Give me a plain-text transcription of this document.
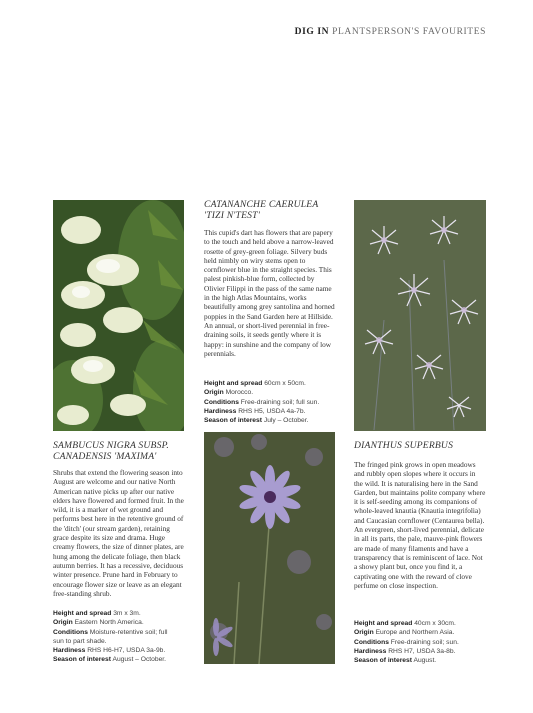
DIG IN PLANTSPERSON'S FAVOURITES
CATANANCHE CAERULEA
'TIZI N'TEST'
This cupid's dart has flowers that are papery to the touch and held above a narrow-leaved rosette of grey-green foliage. Silvery buds held nimbly on wiry stems open to cornflower blue in the straight species. This palest pinkish-blue form, collected by Olivier Filippi in the pass of the same name in the high Atlas Mountains, works beautifully among grey santolina and horned poppies in the Sand Garden here at Hillside. An annual, or short-lived perennial in free-draining soils, it seeds gently where it is happy: in sunshine and the company of low perennials.
Height and spread 60cm x 50cm.
Origin Morocco.
Conditions Free-draining soil; full sun.
Hardiness RHS H5, USDA 4a-7b.
Season of interest July – October.
SAMBUCUS NIGRA SUBSP.
CANADENSIS 'MAXIMA'
Shrubs that extend the flowering season into August are welcome and our native North American native picks up after our native elders have flowered and formed fruit. In the wild, it is a marker of wet ground and performs best here in the retentive ground of the 'ditch' (our stream garden), retaining grace despite its size and drama. Huge creamy flowers, the size of dinner plates, are hung among the delicate foliage, then black autumn berries. It has a recessive, deciduous winter presence. Prune hard in February to encourage flower size or leave as an elegant free-standing shrub.
Height and spread 3m x 3m.
Origin Eastern North America.
Conditions Moisture-retentive soil; full sun to part shade.
Hardiness RHS H6-H7, USDA 3a-9b.
Season of interest August – October.
DIANTHUS SUPERBUS
The fringed pink grows in open meadows and rubbly open slopes where it occurs in the wild. It is naturalising here in the Sand Garden, but maintains polite company where it is self-seeding among its companions of whole-leaved knautia (Knautia integrifolia) and Caucasian cornflower (Centaurea bella). An evergreen, short-lived perennial, delicate in all its parts, the pale, mauve-pink flowers are made of many filaments and have a transparency that is reminiscent of lace. Not a showy plant but, once you find it, a captivating one with the reward of clove perfume on close inspection.
Height and spread 40cm x 30cm.
Origin Europe and Northern Asia.
Conditions Free-draining soil; sun.
Hardiness RHS H7, USDA 3a-8b.
Season of interest August.
